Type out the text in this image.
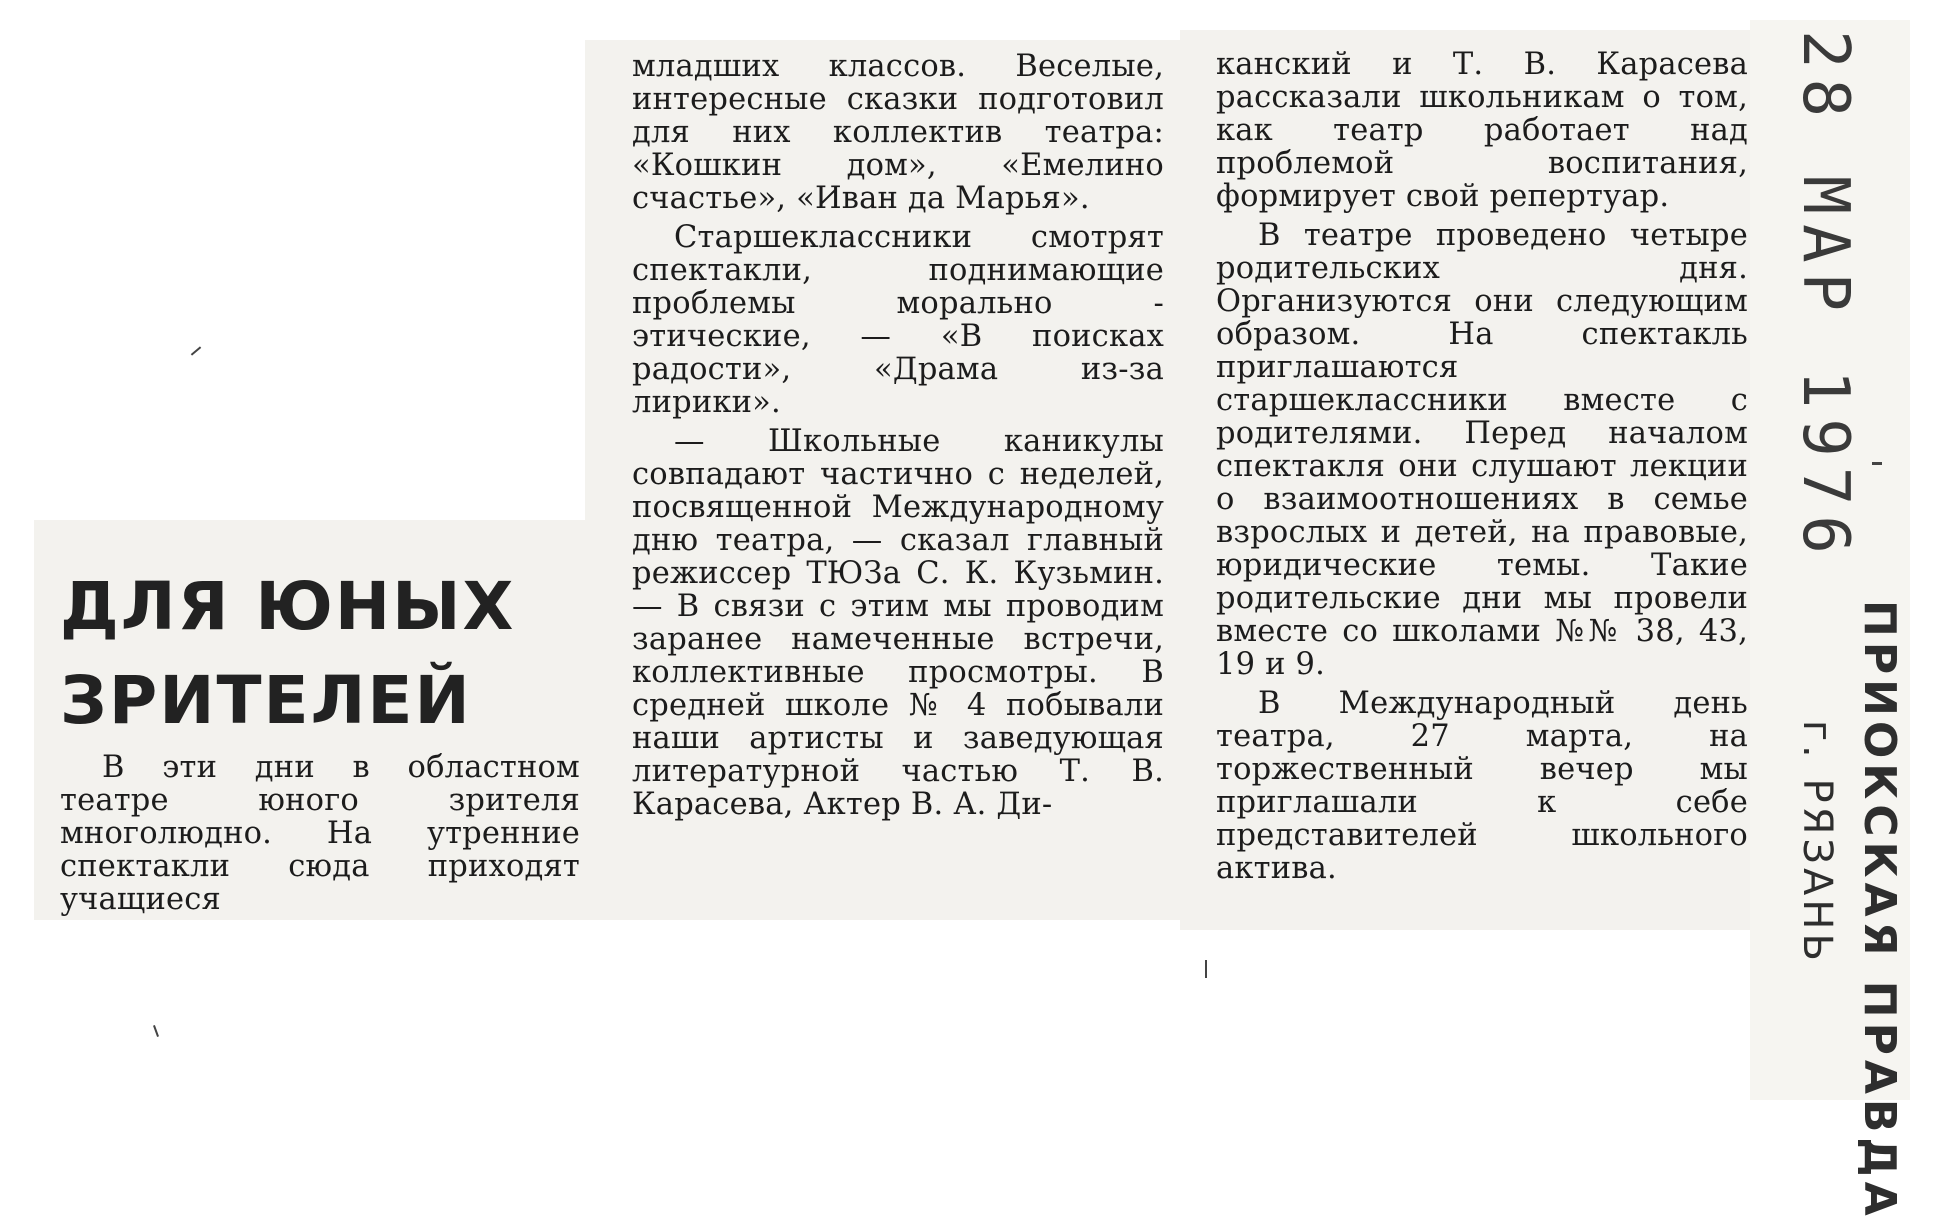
ДЛЯ ЮНЫХ
ЗРИТЕЛЕЙ

В эти дни в областном театре юного зрителя многолюдно. На утренние спектакли сюда приходят учащиеся

младших классов. Веселые, интересные сказки подготовил для них коллектив театра: «Кошкин дом», «Емелино счастье», «Иван да Марья».

Старшеклассники смотрят спектакли, поднимающие проблемы морально - этические, — «В поисках радости», «Драма из-за лирики».

— Школьные каникулы совпадают частично с неделей, посвященной Международному дню театра, — сказал главный режиссер ТЮЗа С. К. Кузьмин. — В связи с этим мы проводим заранее намеченные встречи, коллективные просмотры. В средней школе № 4 побывали наши артисты и заведующая литературной частью Т. В. Карасева, Актер В. А. Ди-

канский и Т. В. Карасева рассказали школьникам о том, как театр работает над проблемой воспитания, формирует свой репертуар.

В театре проведено четыре родительских дня. Организуются они следующим образом. На спектакль приглашаются старшеклассники вместе с родителями. Перед началом спектакля они слушают лекции о взаимоотношениях в семье взрослых и детей, на правовые, юридические темы. Такие родительские дни мы провели вместе со школами №№ 38, 43, 19 и 9.

В Международный день театра, 27 марта, на торжественный вечер мы приглашали к себе представителей школьного актива.

28 МАР 1976
ПРИОКСКАЯ ПРАВДА
г. РЯЗАНЬ
